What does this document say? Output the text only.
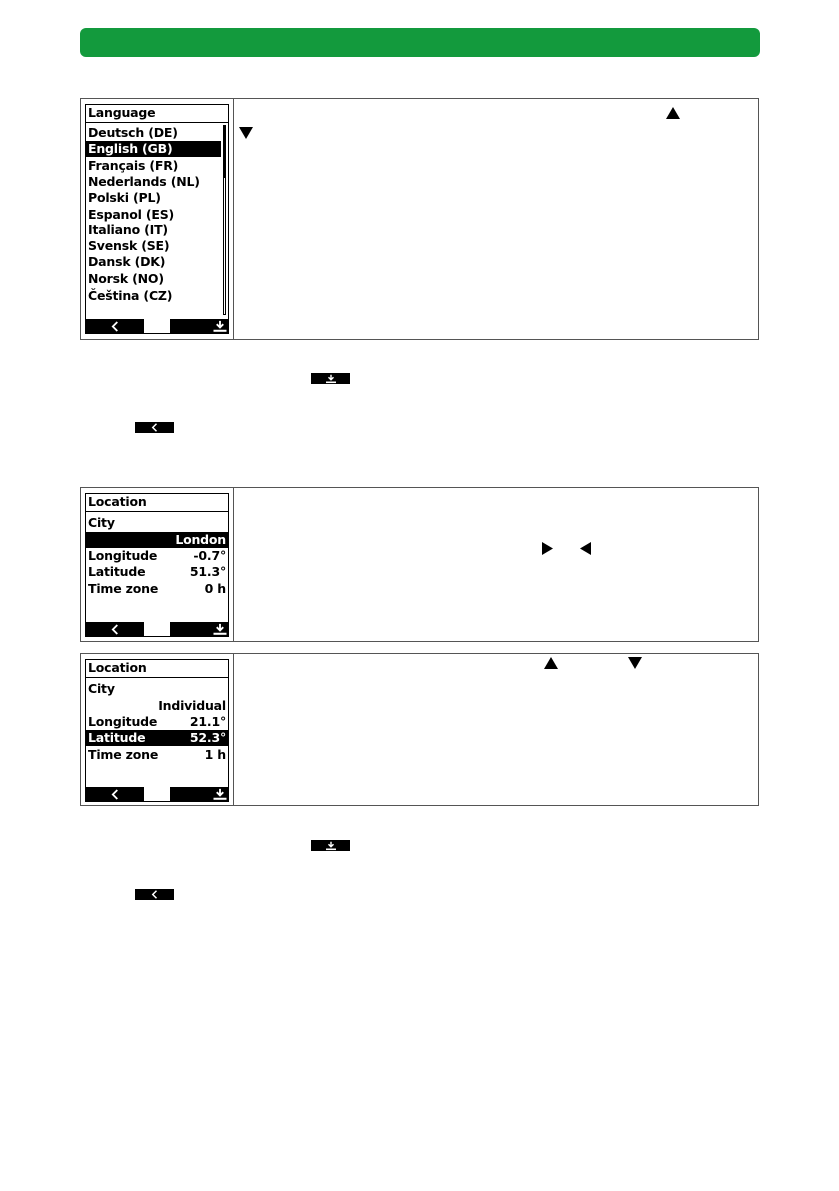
Language
Deutsch (DE)
English (GB)
Français (FR)
Nederlands (NL)
Polski (PL)
Espanol (ES)
Italiano (IT)
Svensk (SE)
Dansk (DK)
Norsk (NO)
Čeština (CZ)
Location
City
London
Longitude	-0.7°
Latitude	51.3°
Time zone	0 h
Location
City
Individual
Longitude	21.1°
Latitude	52.3°
Time zone	1 h
